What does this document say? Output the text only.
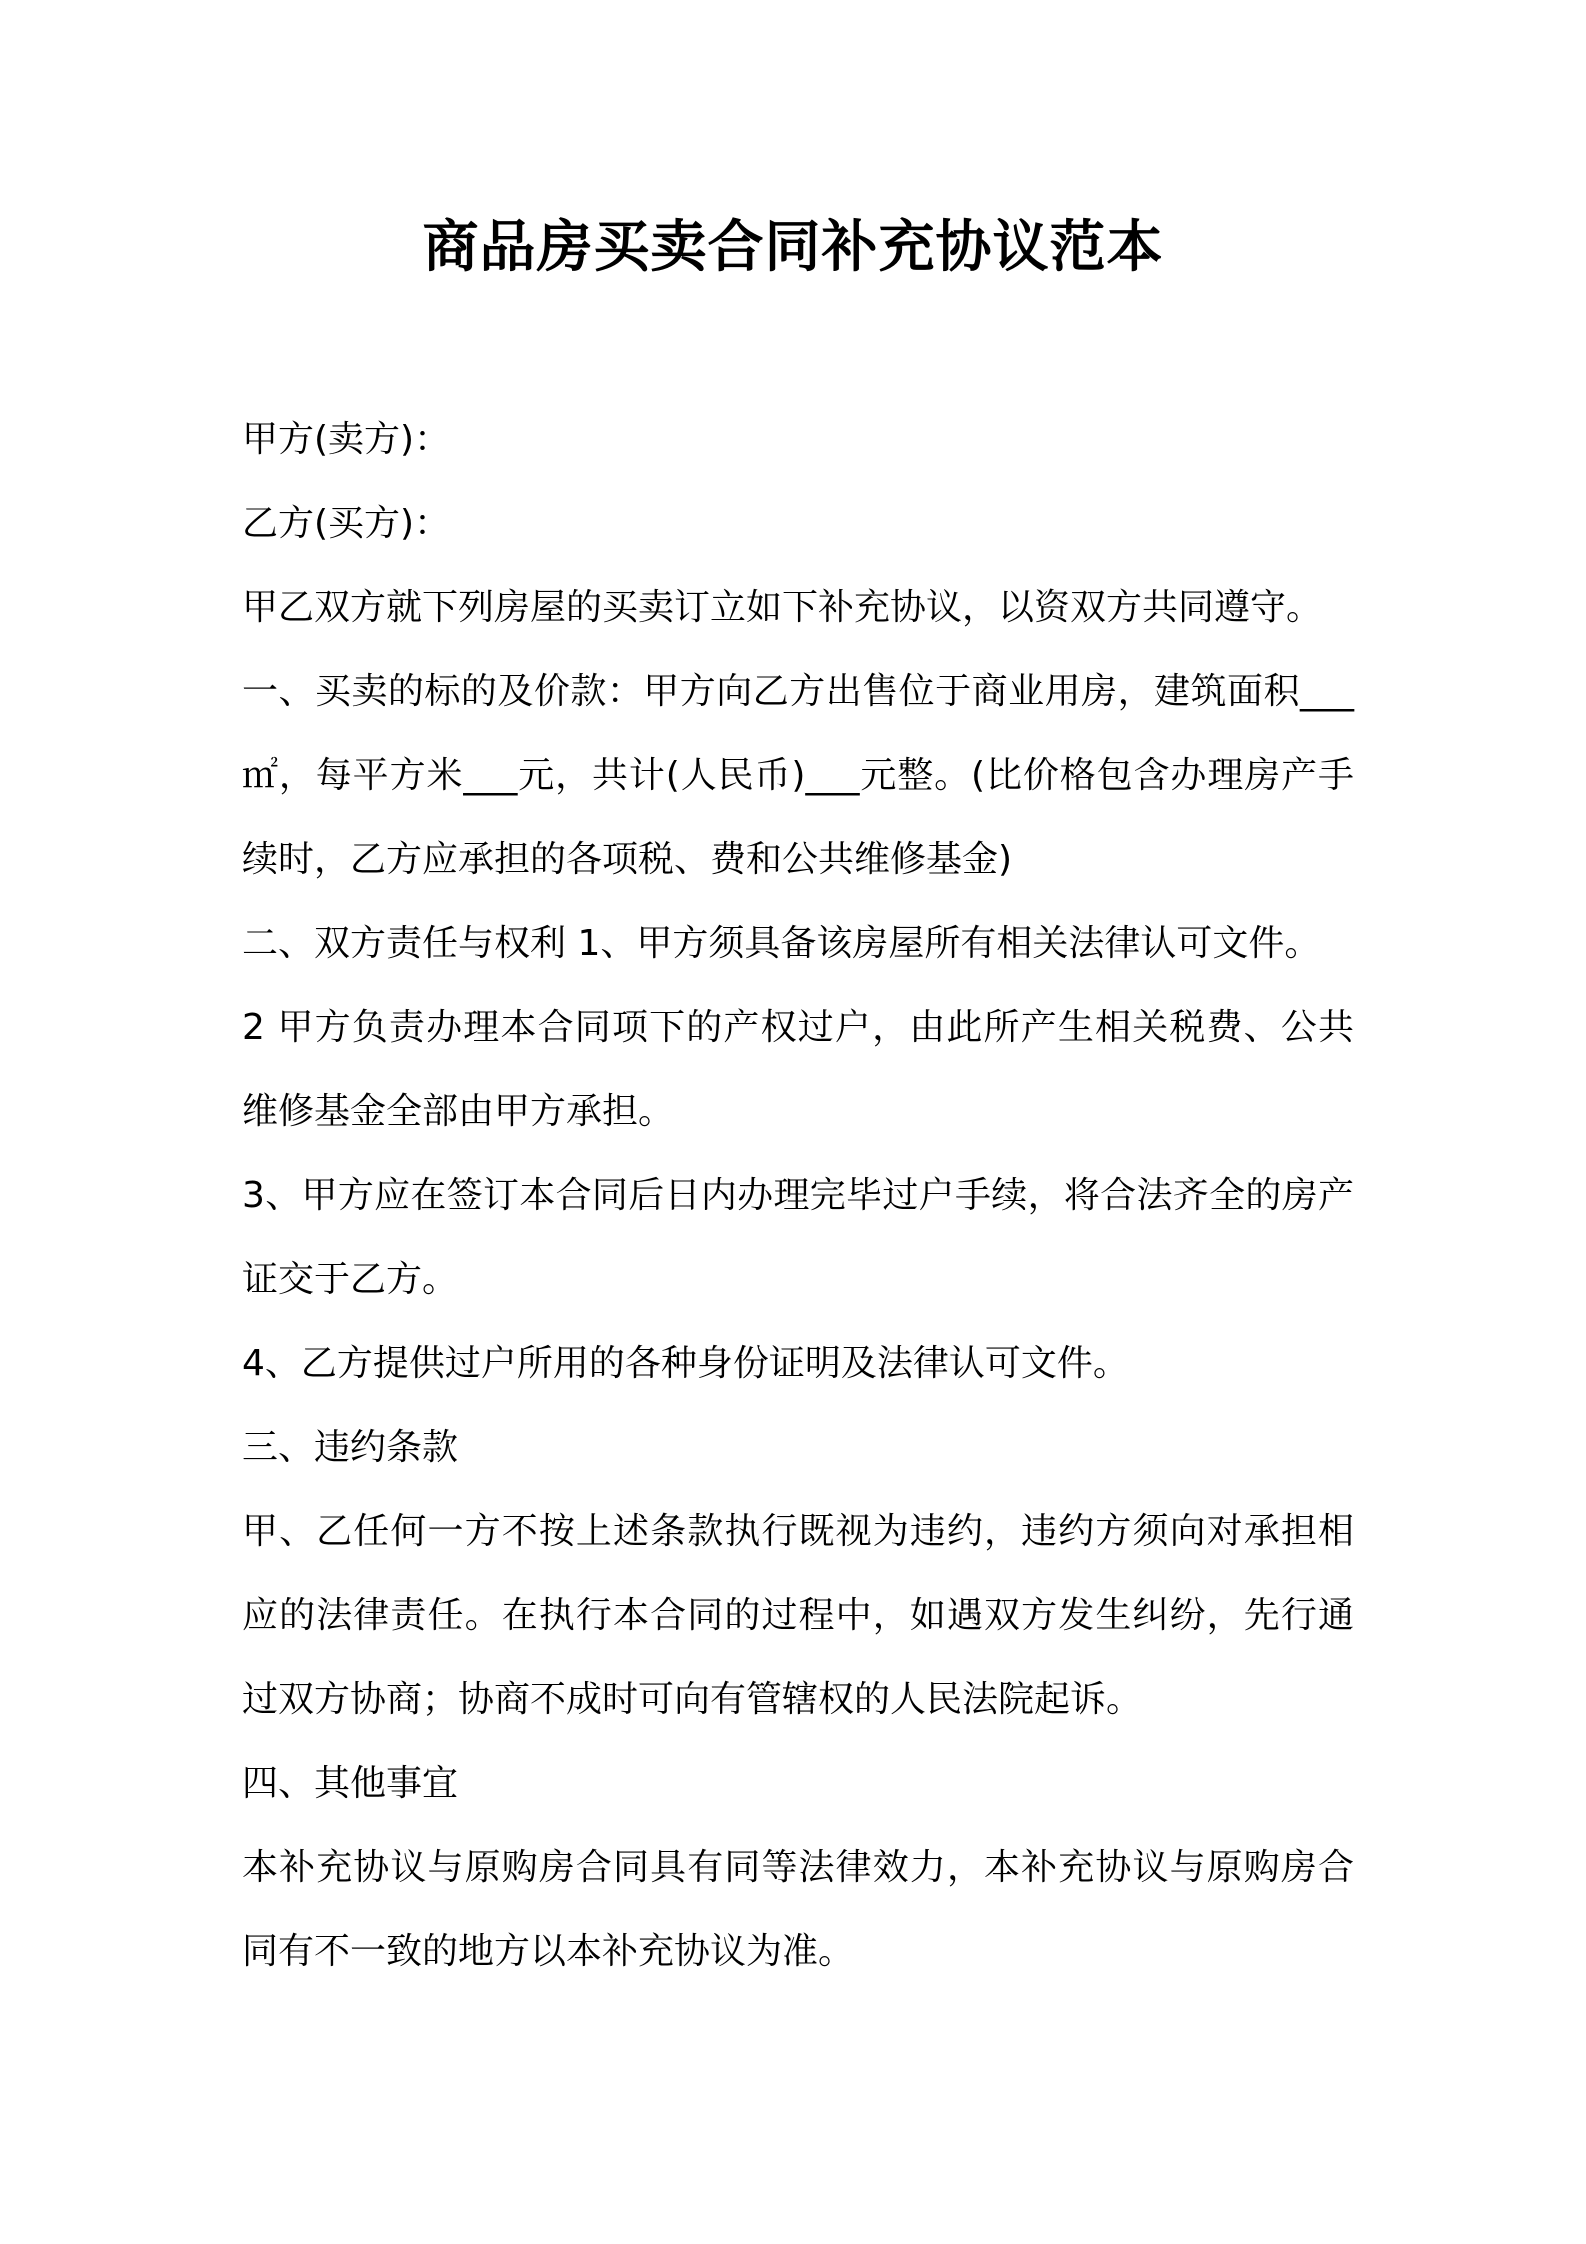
商品房买卖合同补充协议范本

甲方(卖方)：

乙方(买方)：

甲乙双方就下列房屋的买卖订立如下补充协议，以资双方共同遵守。

一、买卖的标的及价款：甲方向乙方出售位于商业用房，建筑面积___㎡，每平方米___元，共计(人民币)___元整。(比价格包含办理房产手续时，乙方应承担的各项税、费和公共维修基金)

二、双方责任与权利 1、甲方须具备该房屋所有相关法律认可文件。

2 甲方负责办理本合同项下的产权过户，由此所产生相关税费、公共维修基金全部由甲方承担。

3、甲方应在签订本合同后日内办理完毕过户手续，将合法齐全的房产证交于乙方。

4、乙方提供过户所用的各种身份证明及法律认可文件。

三、违约条款

甲、乙任何一方不按上述条款执行既视为违约，违约方须向对承担相应的法律责任。在执行本合同的过程中，如遇双方发生纠纷，先行通过双方协商；协商不成时可向有管辖权的人民法院起诉。

四、其他事宜

本补充协议与原购房合同具有同等法律效力，本补充协议与原购房合同有不一致的地方以本补充协议为准。
